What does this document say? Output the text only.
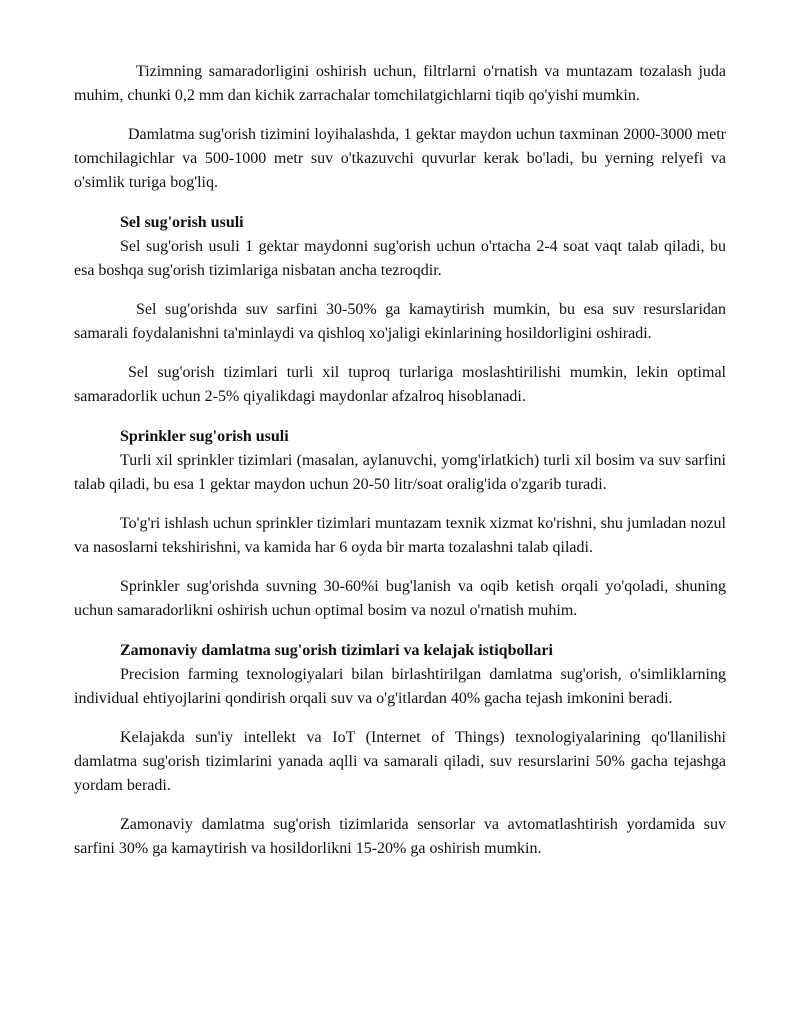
Tizimning samaradorligini oshirish uchun, filtrlarni o'rnatish va muntazam tozalash juda muhim, chunki 0,2 mm dan kichik zarrachalar tomchilatgichlarni tiqib qo'yishi mumkin.

Damlatma sug'orish tizimini loyihalashda, 1 gektar maydon uchun taxminan 2000-3000 metr tomchilagichlar va 500-1000 metr suv o'tkazuvchi quvurlar kerak bo'ladi, bu yerning relyefi va o'simlik turiga bog'liq.

Sel sug'orish usuli

Sel sug'orish usuli 1 gektar maydonni sug'orish uchun o'rtacha 2-4 soat vaqt talab qiladi, bu esa boshqa sug'orish tizimlariga nisbatan ancha tezroqdir.

Sel sug'orishda suv sarfini 30-50% ga kamaytirish mumkin, bu esa suv resurslaridan samarali foydalanishni ta'minlaydi va qishloq xo'jaligi ekinlarining hosildorligini oshiradi.

Sel sug'orish tizimlari turli xil tuproq turlariga moslashtirilishi mumkin, lekin optimal samaradorlik uchun 2-5% qiyalikdagi maydonlar afzalroq hisoblanadi.

Sprinkler sug'orish usuli

Turli xil sprinkler tizimlari (masalan, aylanuvchi, yomg'irlatkich) turli xil bosim va suv sarfini talab qiladi, bu esa 1 gektar maydon uchun 20-50 litr/soat oralig'ida o'zgarib turadi.

To'g'ri ishlash uchun sprinkler tizimlari muntazam texnik xizmat ko'rishni, shu jumladan nozul va nasoslarni tekshirishni, va kamida har 6 oyda bir marta tozalashni talab qiladi.

Sprinkler sug'orishda suvning 30-60%i bug'lanish va oqib ketish orqali yo'qoladi, shuning uchun samaradorlikni oshirish uchun optimal bosim va nozul o'rnatish muhim.

Zamonaviy damlatma sug'orish tizimlari va kelajak istiqbollari

Precision farming texnologiyalari bilan birlashtirilgan damlatma sug'orish, o'simliklarning individual ehtiyojlarini qondirish orqali suv va o'g'itlardan 40% gacha tejash imkonini beradi.

Kelajakda sun'iy intellekt va IoT (Internet of Things) texnologiyalarining qo'llanilishi damlatma sug'orish tizimlarini yanada aqlli va samarali qiladi, suv resurslarini 50% gacha tejashga yordam beradi.

Zamonaviy damlatma sug'orish tizimlarida sensorlar va avtomatlashtirish yordamida suv sarfini 30% ga kamaytirish va hosildorlikni 15-20% ga oshirish mumkin.
